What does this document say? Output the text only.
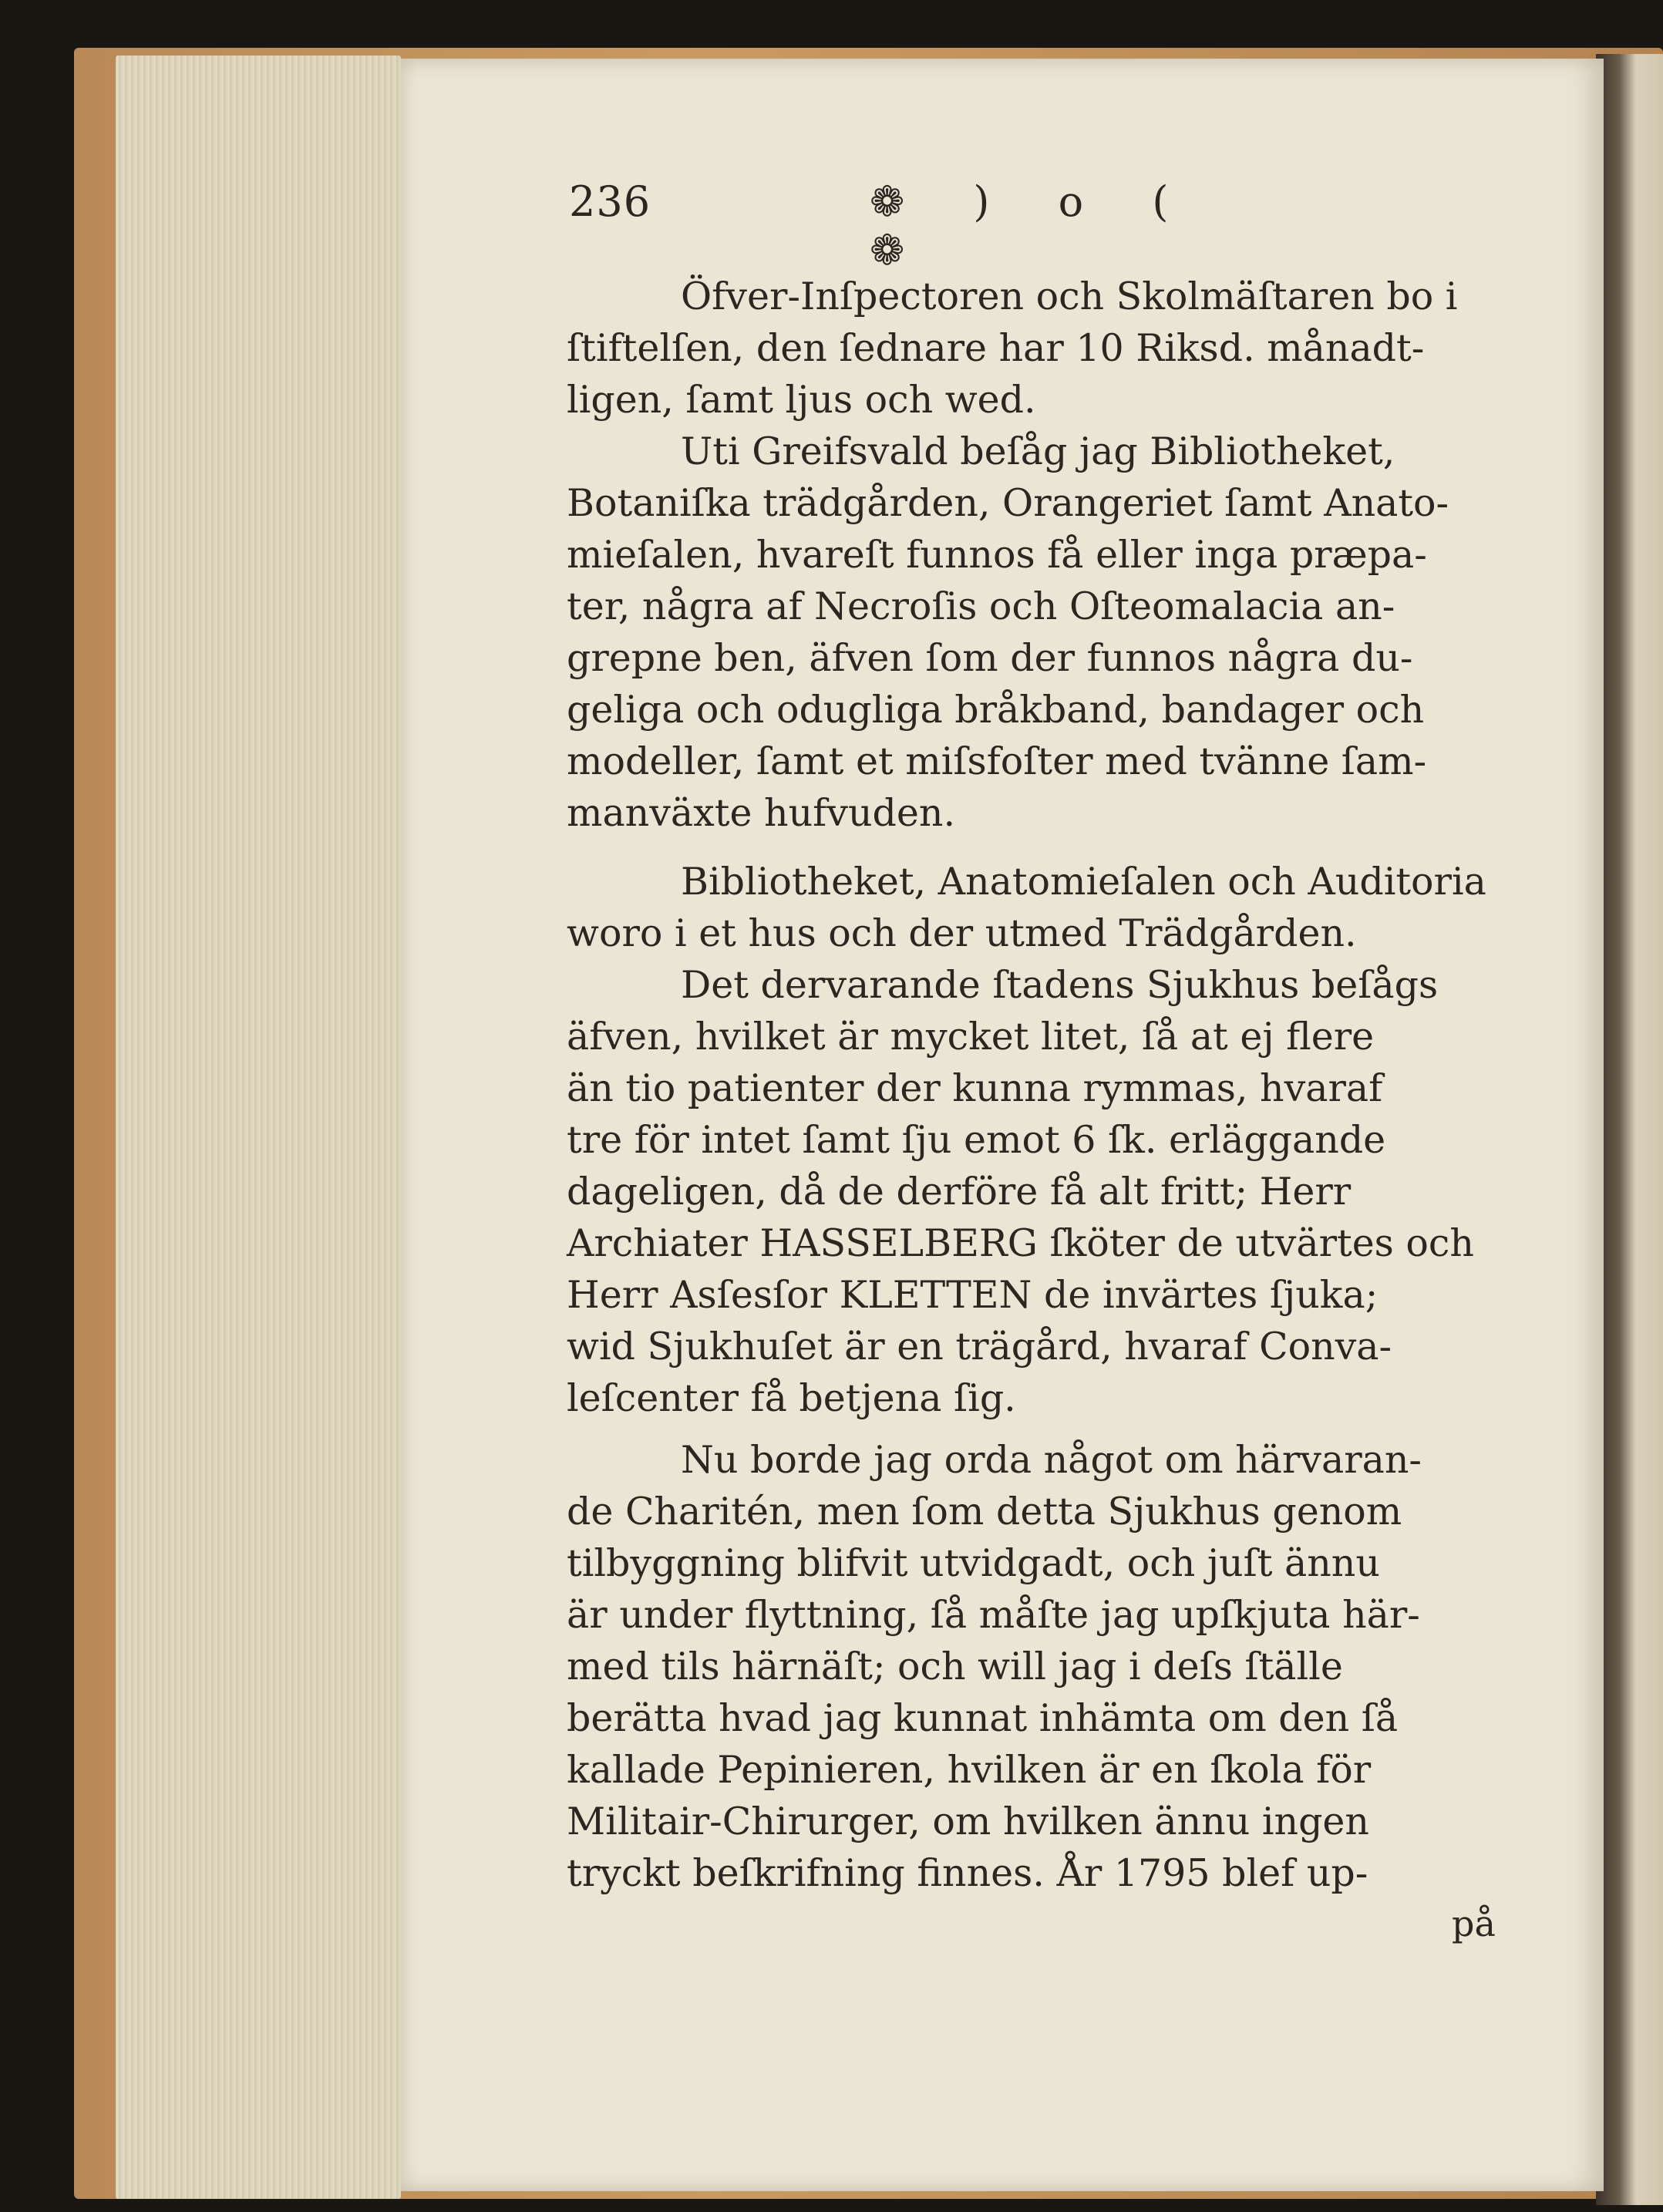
236	❁ ) o ( ❁
Öfver-Inſpectoren och Skolmäſtaren bo i
ſtiftelſen, den ſednare har 10 Riksd. månadt-
ligen, ſamt ljus och wed.
Uti Greifsvald beſåg jag Bibliotheket,
Botaniſka trädgården, Orangeriet ſamt Anato-
mieſalen, hvareſt funnos få eller inga præpa-
ter, några af Necroſis och Oſteomalacia an-
grepne ben, äfven ſom der funnos några du-
geliga och odugliga bråkband, bandager och
modeller, ſamt et miſsfoſter med tvänne ſam-
manväxte hufvuden.
Bibliotheket, Anatomieſalen och Auditoria
woro i et hus och der utmed Trädgården.
Det dervarande ſtadens Sjukhus beſågs
äfven, hvilket är mycket litet, ſå at ej flere
än tio patienter der kunna rymmas, hvaraf
tre för intet ſamt ſju emot 6 ſk. erläggande
dageligen, då de derföre få alt fritt; Herr
Archiater HASSELBERG ſköter de utvärtes och
Herr Asſesſor KLETTEN de invärtes ſjuka;
wid Sjukhuſet är en trägård, hvaraf Conva-
leſcenter få betjena ſig.
Nu borde jag orda något om härvaran-
de Charitén, men ſom detta Sjukhus genom
tilbyggning blifvit utvidgadt, och juſt ännu
är under flyttning, ſå måſte jag upſkjuta här-
med tils härnäſt; och will jag i deſs ſtälle
berätta hvad jag kunnat inhämta om den ſå
kallade Pepinieren, hvilken är en ſkola för
Militair-Chirurger, om hvilken ännu ingen
tryckt beſkrifning finnes. År 1795 blef up-
på
